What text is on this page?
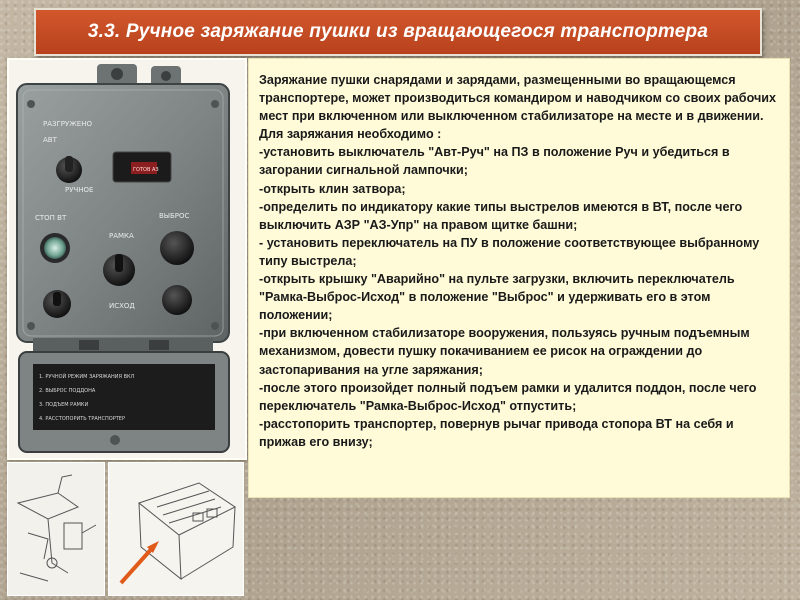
3.3. Ручное заряжание пушки из вращающегося транспортера
РАЗГРУЖЕНО
АВТ
РУЧНОЕ
СТОП ВТ	ВЫБРОС
РАМКА
ИСХОД
ГОТОВ АЗ
1. РУЧНОЙ РЕЖИМ ЗАРЯЖАНИЯ ВКЛ
2. ВЫБРОС ПОДДОНА
3. ПОДЪЕМ РАМКИ
4. РАССТОПОРИТЬ ТРАНСПОРТЕР

Заряжание пушки снарядами и зарядами, размещенными во вращающемся транспортере, может производиться командиром и наводчиком со своих рабочих мест при включенном или выключенном стабилизаторе на месте и в движении.

Для заряжания необходимо :

-установить выключатель "Авт-Руч" на ПЗ в положение Руч и убедиться в загорании сигнальной лампочки;

-открыть клин затвора;

-определить по индикатору какие типы выстрелов имеются в ВТ, после чего выключить АЗР "АЗ-Упр" на правом щитке башни;

- установить переключатель на ПУ в положение соответствующее выбранному типу выстрела;

-открыть крышку "Аварийно" на пульте загрузки, включить переключатель "Рамка-Выброс-Исход" в положение "Выброс" и удерживать его в этом положении;

-при включенном стабилизаторе вооружения, пользуясь ручным подъемным механизмом, довести пушку покачиванием ее рисок на ограждении до застопаривания на угле заряжания;

-после этого произойдет полный подъем рамки и удалится поддон, после чего переключатель "Рамка-Выброс-Исход" отпустить;

-расстопорить транспортер, повернув рычаг привода стопора ВТ на себя и прижав его внизу;
